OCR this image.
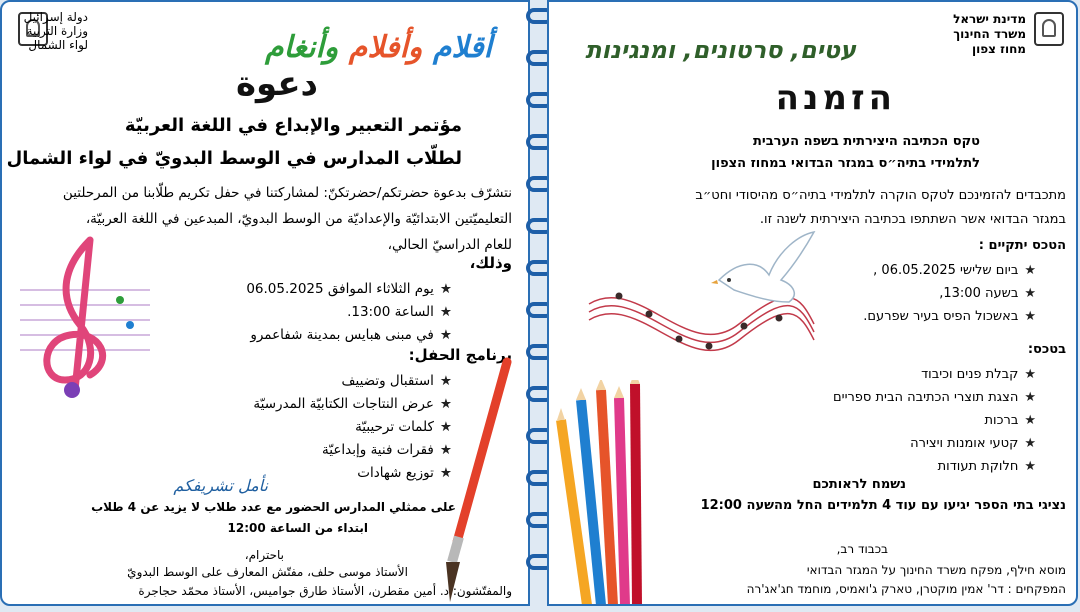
دولة إسرائيل
وزارة التربية
لواء الشمال	أقلام وأفلام وأنغام
دعوة
مؤتمر التعبير والإبداع في اللغة العربيّة
لطلّاب المدارس في الوسط البدويّ في لواء الشمال
نتشرّف بدعوة حضرتكم/حضرتكنّ: لمشاركتنا في حفل تكريم طلّابنا من المرحلتين
التعليميّتين الابتدائيّة والإعداديّة من الوسط البدويّ، المبدعين في اللغة العربيّة،
للعام الدراسيّ الحالي،
وذلك،
★يوم الثلاثاء الموافق 06.05.2025
★الساعة 13:00.
★في مبنى هبايس بمدينة شفاعمرو
برنامج الحفل:
★استقبال وتضييف
★عرض النتاجات الكتابيّة المدرسيّة
★كلمات ترحيبيّة
★فقرات فنية وإبداعيّة
★توزيع شهادات
نأمل تشريفكم
على ممثلي المدارس الحضور مع عدد طلاب لا يزيد عن 4 طلاب
ابتداء من الساعة 12:00
باحترام،
الأستاذ موسى حلف، مفتّش المعارف على الوسط البدويّ
والمفتّشون: د. أمين مقطرن، الأستاذ طارق جواميس، الأستاذ محمّد حجاجرة
מדינת ישראל
משרד החינוך
מחוז צפון
עטים, סרטונים, ומנגינות
הזמנה
טקס הכתיבה היצירתית בשפה הערבית
לתלמידי בתיה״ס במגזר הבדואי במחוז הצפון
מתכבדים להזמינכם לטקס הוקרה לתלמידי בתיה״ס מהיסודי וחט״ב
במגזר הבדואי אשר השתתפו בכתיבה היצירתית לשנה זו.
הטכס יתקיים :
★ביום שלישי 06.05.2025 ,
★בשעה 13:00,
★באשכול הפיס בעיר שפרעם.
בטכס:
★קבלת פנים וכיבוד
★הצגת תוצרי הכתיבה הבית ספריים
★ברכות
★קטעי אומנות ויצירה
★חלוקת תעודות
נשמח לראותכם
נציגי בתי הספר יגיעו עם עוד 4 תלמידים החל מהשעה 12:00
בכבוד רב,
מוסא חילף, מפקח משרד החינוך על המגזר הבדואי
המפקחים : דר' אמין מוקטרן, טארק ג'ואמיס, מוחמד חג'אג'רה
